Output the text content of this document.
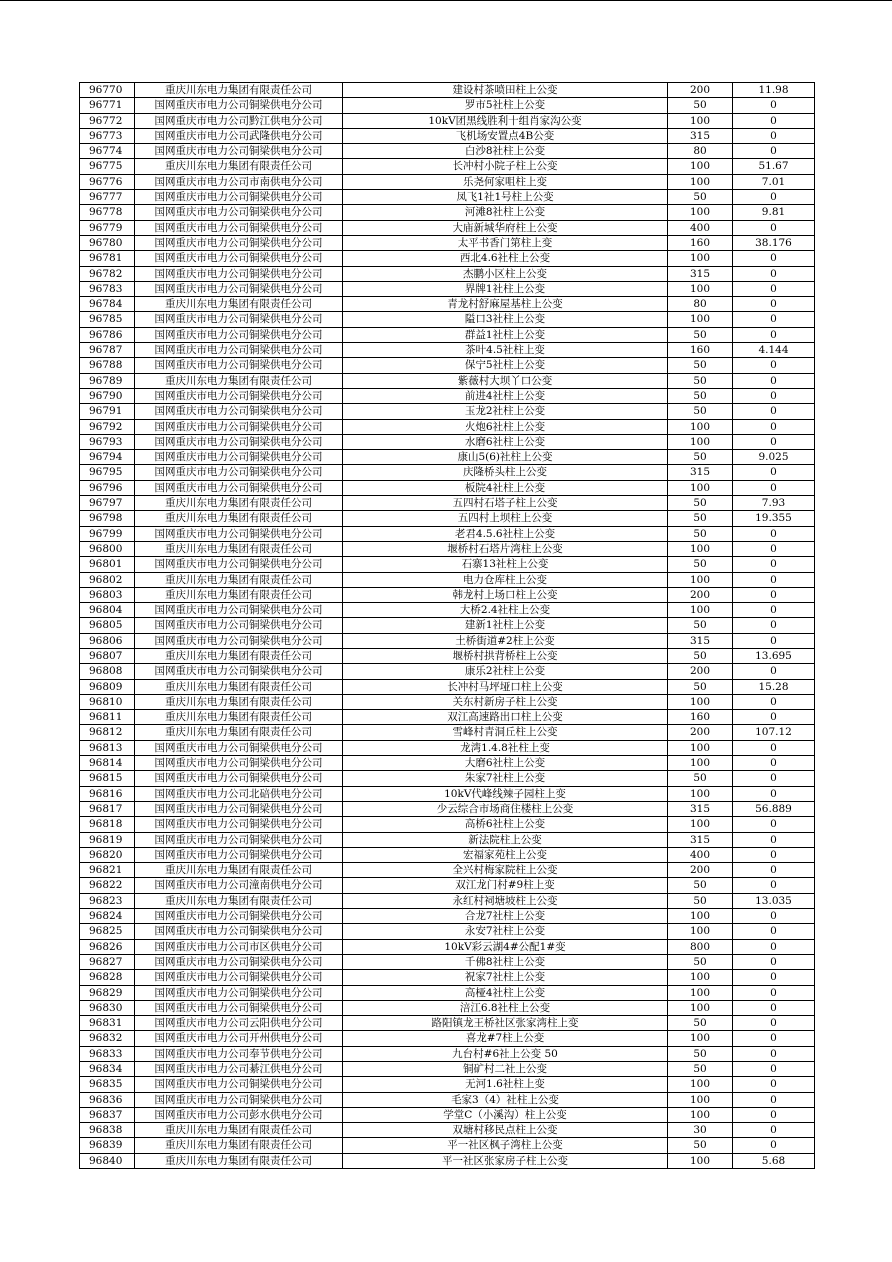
96770	重庆川东电力集团有限责任公司	建设村茶喷田柱上公变	200	11.98
96771	国网重庆市电力公司铜梁供电分公司	罗市5社柱上公变	50	0
96772	国网重庆市电力公司黔江供电分公司	10kV团黑线胜利十组肖家沟公变	100	0
96773	国网重庆市电力公司武隆供电分公司	飞机场安置点4B公变	315	0
96774	国网重庆市电力公司铜梁供电分公司	白沙8社柱上公变	80	0
96775	重庆川东电力集团有限责任公司	长冲村小院子柱上公变	100	51.67
96776	国网重庆市电力公司市南供电分公司	乐尧何家咀柱上变	100	7.01
96777	国网重庆市电力公司铜梁供电分公司	凤飞1社1号柱上公变	50	0
96778	国网重庆市电力公司铜梁供电分公司	河滩8社柱上公变	100	9.81
96779	国网重庆市电力公司铜梁供电分公司	大庙新城华府柱上公变	400	0
96780	国网重庆市电力公司铜梁供电分公司	太平书香门第柱上变	160	38.176
96781	国网重庆市电力公司铜梁供电分公司	西北4.6社柱上公变	100	0
96782	国网重庆市电力公司铜梁供电分公司	杰鹏小区柱上公变	315	0
96783	国网重庆市电力公司铜梁供电分公司	界牌1社柱上公变	100	0
96784	重庆川东电力集团有限责任公司	青龙村舒麻屋基柱上公变	80	0
96785	国网重庆市电力公司铜梁供电分公司	隘口3社柱上公变	100	0
96786	国网重庆市电力公司铜梁供电分公司	群益1社柱上公变	50	0
96787	国网重庆市电力公司铜梁供电分公司	茶叶4.5社柱上变	160	4.144
96788	国网重庆市电力公司铜梁供电分公司	保宁5社柱上公变	50	0
96789	重庆川东电力集团有限责任公司	紫薇村大坝丫口公变	50	0
96790	国网重庆市电力公司铜梁供电分公司	前进4社柱上公变	50	0
96791	国网重庆市电力公司铜梁供电分公司	玉龙2社柱上公变	50	0
96792	国网重庆市电力公司铜梁供电分公司	火炮6社柱上公变	100	0
96793	国网重庆市电力公司铜梁供电分公司	水磨6社柱上公变	100	0
96794	国网重庆市电力公司铜梁供电分公司	康山5(6)社柱上公变	50	9.025
96795	国网重庆市电力公司铜梁供电分公司	庆隆桥头柱上公变	315	0
96796	国网重庆市电力公司铜梁供电分公司	板院4社柱上公变	100	0
96797	重庆川东电力集团有限责任公司	五四村石塔子柱上公变	50	7.93
96798	重庆川东电力集团有限责任公司	五四村上坝柱上公变	50	19.355
96799	国网重庆市电力公司铜梁供电分公司	老君4.5.6社柱上公变	50	0
96800	重庆川东电力集团有限责任公司	堰桥村石塔片湾柱上公变	100	0
96801	国网重庆市电力公司铜梁供电分公司	石寨13社柱上公变	50	0
96802	重庆川东电力集团有限责任公司	电力仓库柱上公变	100	0
96803	重庆川东电力集团有限责任公司	韩龙村上场口柱上公变	200	0
96804	国网重庆市电力公司铜梁供电分公司	大桥2.4社柱上公变	100	0
96805	国网重庆市电力公司铜梁供电分公司	建新1社柱上公变	50	0
96806	国网重庆市电力公司铜梁供电分公司	土桥街道#2柱上公变	315	0
96807	重庆川东电力集团有限责任公司	堰桥村拱背桥柱上公变	50	13.695
96808	国网重庆市电力公司铜梁供电分公司	康乐2社柱上公变	200	0
96809	重庆川东电力集团有限责任公司	长冲村马坪垭口柱上公变	50	15.28
96810	重庆川东电力集团有限责任公司	关东村新房子柱上公变	100	0
96811	重庆川东电力集团有限责任公司	双江高速路出口柱上公变	160	0
96812	重庆川东电力集团有限责任公司	雪峰村青洞丘柱上公变	200	107.12
96813	国网重庆市电力公司铜梁供电分公司	龙湾1.4.8社柱上变	100	0
96814	国网重庆市电力公司铜梁供电分公司	大磨6社柱上公变	100	0
96815	国网重庆市电力公司铜梁供电分公司	朱家7社柱上公变	50	0
96816	国网重庆市电力公司北碚供电分公司	10kV代峰线辣子园柱上变	100	0
96817	国网重庆市电力公司铜梁供电分公司	少云综合市场商住楼柱上公变	315	56.889
96818	国网重庆市电力公司铜梁供电分公司	高桥6社柱上公变	100	0
96819	国网重庆市电力公司铜梁供电分公司	新法院柱上公变	315	0
96820	国网重庆市电力公司铜梁供电分公司	宏福家苑柱上公变	400	0
96821	重庆川东电力集团有限责任公司	全兴村梅家院柱上公变	200	0
96822	国网重庆市电力公司潼南供电分公司	双江龙门村#9柱上变	50	0
96823	重庆川东电力集团有限责任公司	永红村祠塘坡柱上公变	50	13.035
96824	国网重庆市电力公司铜梁供电分公司	合龙7社柱上公变	100	0
96825	国网重庆市电力公司铜梁供电分公司	永安7社柱上公变	100	0
96826	国网重庆市电力公司市区供电分公司	10kV彩云湖4#公配1#变	800	0
96827	国网重庆市电力公司铜梁供电分公司	千佛8社柱上公变	50	0
96828	国网重庆市电力公司铜梁供电分公司	祝家7社柱上公变	100	0
96829	国网重庆市电力公司铜梁供电分公司	高桠4社柱上公变	100	0
96830	国网重庆市电力公司铜梁供电分公司	涪江6.8社柱上公变	100	0
96831	国网重庆市电力公司云阳供电分公司	路阳镇龙王桥社区张家湾柱上变	50	0
96832	国网重庆市电力公司开州供电分公司	喜龙#7柱上公变	100	0
96833	国网重庆市电力公司奉节供电分公司	九台村#6社上公变 50	50	0
96834	国网重庆市电力公司綦江供电分公司	铜矿村二社上公变	50	0
96835	国网重庆市电力公司铜梁供电分公司	无河1.6社柱上变	100	0
96836	国网重庆市电力公司铜梁供电分公司	毛家3（4）社柱上公变	100	0
96837	国网重庆市电力公司彭水供电分公司	学堂C（小溪沟）柱上公变	100	0
96838	重庆川东电力集团有限责任公司	双塘村移民点柱上公变	30	0
96839	重庆川东电力集团有限责任公司	平一社区枫子湾柱上公变	50	0
96840	重庆川东电力集团有限责任公司	平一社区张家房子柱上公变	100	5.68
